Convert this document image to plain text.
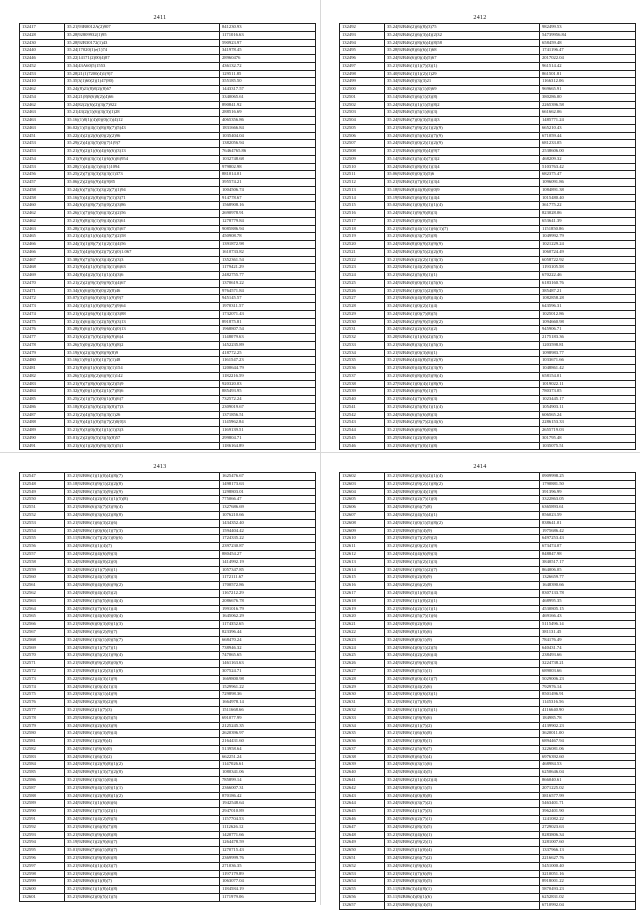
2411
132417	35.21|93B0012A(2)907	841230.93
132428	35.28|92809932(1)95	1171016.63
132430	35.28|92B30172(1)43	590923.97
132440	35.24|17020(1)e(1)74	341978.45
132446	35.22|14171(2)00(4)87	28960476
132452	35.34|43A60(5)1553	436132.72
132453	35.28|21(1)7200(4)1(9)7	129511.85
132410	35.35|3(1)60(2)(1)47(80)	355185.50
132462	35.24|(8)21(8)8(2)(8)67	1443317.57
132454	35.24|21(8)8(6)8(2)(4)66	3340065.61
132462	35.24|82(2)(6)(2)(3)(7)922	890841.92
132463	35.21|43(2)(1)(6)(3)(3)(1)28	288516.69
132463	35.16|(1)8(1)(4)(0)(0)(1)(4)12	4065356.86
132463	36.02|(1)(5)(4)(1)(8)(8)(7)(5)43	1831666.84
132451	35.22|(4)(2)(2)(6)(0)(2)(2)96	1035404.04
132453	35.29|(2)(4)(3)(5)(0)(7)1(9)7	1382056.94
132453	35.21|(9)(2)(1)(6)(4)(6)(6)(3)13	76464765.86
132454	35.21|(9)(6)(3)(1)(1)(6)(6)(6)954	1032748.68
132453	35.28|(1)(4)(4)(1)(6)(1)1094	979802.98
132456	35.25|(2)(7)(3)(3)(3)(3)(1)373	881014.01
132457	35.06|(2)(2)(6)(9)(4)(9)85	395574.21
132458	35.24|(6)(7)(5)(3)(3)(2)(7)(1)94	1004506.74
132458	35.16|(5)(4)(2)(8)(6)(7)(1)(3)71	914778.67
132460	35.24|(6)(3)(8)(7)(5)(0)(2)(3)86	1568908.16
132462	35.26|(1)(7)(6)(5)(6)(3)(2)(2)56	2690978.91
132462	35.21|(9)(8)(3)(1)(9)(4)(4)(3)61	1278779.84
132463	35.28|(3)(3)(4)(6)(0)(3)(5)(5)67	9085886.94
132465	35.21|(4)(3)(1)(6)(4)(5)(7)(2)58	450908.78
132466	35.24|(3)(1)(8)(7)(1)(2)(1)(4)56	1391872.98
132466	35.22|(5)(4)(6)(0)(2)(7)(2)(0)1.067	1610733.82
132467	35.38|(9)(7)(5)(6)(3)(4)(2)(3)3	1352361.54
132468	35.21|(9)(4)(1)(0)(5)(3)(1)(6)63	1179421.29
132469	35.24|(8)(4)(2)(5)(1)(1)(4)(3)6	2482755.77
132470	35.21|(2)(2)(9)(3)(9)(9)(5)(4)67	1370619.22
132471	35.34|(6)(6)(0)(0)(0)(2)(8)46	9764571.84
132472	35.07|(3)(5)(6)(0)(0)(1)(9)(9)7	945145.57
132473	35.24|(3)(3)(1)(0)(8)(6)(7)(9)64	1970311.57
132474	35.21|(6)(2)(6)(9)(1)(4)(1)(3)88	1732071.43
132475	35.21|(4)(6)(4)(1)(2)(5)(9)(3)13	891875.81
132476	35.28|(8)(6)(1)(0)(9)(6)(4)(0)13	1968807.54
132477	35.21|(6)(2)(7)(0)(2)(6)(9)(6)4	1148079.63
132478	35.26|(5)(0)(2)(8)(3)(1)(9)(8)2	1452235.89
132479	35.19|(6)(2)(3)(9)(8)(9)(8)9	418772.25
132480	35.16|(1)(9)(1)(0)(1)(7)(1)48	1161547.23
132481	35.21|(8)(6)(1)(6)(0)(3)(1)154	1200644.79
132482	35.26|(5)(2)(8)(2)(6)(9)(1)142	1182216.59
132483	35.21|(9)(7)(8)(6)(0)(3)(2)(5)9	920320.03
132484	35.32|(9)(0)(1)(8)(2)(1)(7)(8)6	885493.95
132485	35.25|(2)(1)(7)(3)(0)(1)(8)(6)7	732572.24
132486	35.18|(8)(2)(5)(0)(2)(3)(8)(7)3	2309019.67
132487	35.21|(2)(4)(5)(5)(5)(3)(1)26	1371856.51
132488	35.21|(9)(4)(1)(0)(5)(7)(2)0(0)3	1145962.84
132489	35.21|(9)(3)(0)(8)(1)(1)(1)(3)3	1169139.51
132490	35.01|(2)(2)(0)(5)(3)(5)(8)57	299804.71
132491	35.21|(6)(1)(2)(0)(9)(3)(5)(5)1	1186164.89
2412
132492	35.24|92B46(2)(6)(8)(3)75	982499.53
132493	35.24|92B46(2)(6)(3)(4)(2)32	54739956.84
132494	35.24|92B46(2)(8)(6)(4)(8)58	658459.48
132495	35.28|92B46(8)(6)(6)(1)68	1741196.47
132496	35.24|92B46(6)(0)(4)(5)67	2017022.04
132497	35.21|92B46(1)(1)(7)(3)(1)	961514.42
132498	35.40|92B46(1)(1)(2)(1)29	861501.81
132499	35.34|92B46(0)(3)(3)21	1166312.06
132500	35.24|92B46(2)(3)(1)(0)69	969665.91
132501	35.14|92B46(5)(6)(1)(3)(8)	380286.00
132502	35.24|92B46(3)(1)(1)(5)(8)2	2265396.58
132503	35.24|92B46(5)(5)(1)(6)(3)	661662.06
132504	35.24|92B46(7)(0)(3)(5)(4)3	1485771.24
132505	35.21|92B46(7)(9)(2)(1)(2)(9)	665210.43
132506	35.24|92B46(5)(5)(6)(2)(7)(9)	671059.44
132507	35.24|92B46(5)(0)(2)(1)(2)(9)	681233.05
132508	35.21|92B46(6)(8)(0)(4)(9)7	2538606.00
132509	35.14|92B46(3)(5)(4)(7)(3)2	468209.32
132510	35.24|92B46(5)(8)(0)(1)(3)4	5103763.42
132511	35.06|92B46(0)(0)(3)(5)6	682375.47
132512	35.21|92B46(3)(7)(0)(1)(3)4	1096091.86
132513	35.18|92B46(8)(4)(8)(0)(0)9	1084891.38
132514	35.19|92B46(5)(6)(0)(1)(4)4	1015480.40
132515	35.02|92B46(1)(0)(8)(1)(1)(4)	361775.22
132516	35.24|92B46(1)(9)(9)(8)(3)	823028.06
132517	35.21|92B46(5)(0)(0)(5)(5)	653641.39
132518	35.21|92B46(5)(4)(1)(1)(6)(1)(7)	1151850.86
132519	35.21|92B46(6)(3)(7)(5)(8)	1049992.79
132520	35.24|92B46(8)(0)(9)(3)(9)(9)	1021229.24
132521	35.24|92B46(3)(0)(5)(2)(2)(8)	1060724.49
132522	35.21|92B46(6)(2)(2)(1)(3)(3)	6058722.92
132523	35.22|92B46(1)(4)(2)(6)(5)(4)	1193105.58
132524	35.21|92B46(2)(5)(8)(1)(1)	670222.46
132525	35.24|92B46(0)(0)(0)(1)(5)(6)	6183160.76
132526	35.21|92B46(1)(0)(1)(2)(8)(5)	385487.21
132527	35.21|92B46(6)(4)(0)(8)(4)(4)	1082858.28
132528	35.24|92B46(1)(0)(2)(1)(4)	643596.31
132529	35.24|92B46(1)(0)(7)(8)(5)	1025012.86
132530	35.24|92B46(2)(9)(9)(5)(0)(2)	1094660.98
132531	35.24|92B46(2)(2)(6)(3)(2)	945906.71
132532	35.20|92B46(1)(1)(6)(2)(5)(3)	2175183.36
132533	35.21|92B46(8)(3)(3)(1)(5)(3)	1203598.81
132534	35.21|92B46(5)(0)(3)(6)(1)	1098983.77
132535	35.21|92B46(4)(4)(8)(5)(2)(9)	1033671.66
132536	35.21|92B46(0)(4)(8)(2)(3)(9)	1048861.42
132537	35.21|92B46(0)(8)(0)(5)(9)(4)	658154.01
132538	35.27|92B46(1)(0)(4)(1)(8)(9)	1019022.11
132539	35.21|92B46(6)(6)(9)(1)(7)	780373.05
132540	35.21|92B46(4)(7)(6)(9)(3)	1023445.17
132541	35.21|92B46(2)(5)(8)(1)(1)(4)	1054903.11
132542	35.24|92B46(6)(5)(6)(8)(3)	606565.24
132543	35.21|92B46(2)(9)(7)(2)(4)(6)	2286153.33
132544	35.21|92B46(6)(6)(9)(0)(8)	2655719.03
132545	35.25|92B46(1)(2)(0)(6)(0)	301795.48
132546	35.21|92B46(9)(7)(0)(1)(8)	1035075.51
2413
132547	35.21|92B06(1)(1)(0)(4)(8)(7)	1625476.67
132548	35.18|92B06(3)(9)(1)(2)(2)(8)	1498173.63
132549	35.24|92B06(1)(5)(3)(9)(2)(9)	1298803.01
132550	35.21|92B06(4)(2)(0)(1)(1)(5)(8)	775066.47
132551	35.21|92B06(6)(3)(7)(3)(9)(4)	1327686.69
132552	35.24|92B06(0)(3)(6)(2)(8)(8)	1076210.66
132553	35.21|92B06(1)(6)(3)(2)(6)	1434352.40
132554	35.24|92B06(1)(0)(6)(1)(7)(3)	1594404.42
132555	35.11|92B06(1)(7)(2)(1)(0)(6)	1724335.22
132556	35.24|92B06(3)(1)(4)(7)	2397230.87
132557	35.24|92B06(2)(4)(6)(9)(3)	880454.27
132558	35.24|92B06(8)(4)(0)(2)(0)	1414992.19
132559	35.24|92B06(2)(1)(7)(6)(1)	1057347.85
132560	35.24|92B06(2)(4)(1)(8)(3)	1172111.67
132561	35.24|92B06(0)(4)(0)(6)(9)(2)	1700572.86
132562	35.24|92B06(0)(4)(4)(5)(2)	1167212.29
132563	35.24|92B06(1)(5)(5)(6)(4)(4)	2086676.78
132564	35.24|92B06(3)(7)(6)(1)(4)	1991016.79
132565	35.24|92B06(1)(4)(6)(0)(0)(4)	1645062.29
132566	35.21|92B06(6)(0)(3)(0)(1)(3)	1174352.65
132567	35.24|92B06(1)(6)(2)(9)(7)	823396.44
132568	35.24|92B06(1)(3)(1)(0)(5)(7)	668470.24
132569	35.24|92B06(5)(1)(7)(7)(1)	738946.32
132570	35.21|92B06(3)(5)(2)(1)(9)(4)	747065.65
132571	35.21|92B06(8)(9)(2)(8)(0)(9)	1461163.63
132572	35.21|92B06(8)(1)(2)(3)(1)(8)	307524.71
132573	35.22|92B06(2)(4)(3)(1)(9)	1669800.98
132574	35.24|92B06(1)(0)(4)(1)(3)	1529961.22
132575	35.23|92B06(1)(3)(1)(4)(9)	729898.36
132576	35.24|92B06(2)(3)(0)(2)(9)	1664978.14
132577	35.21|92B06(2)(1)(7)(3)	1511668.66
132578	35.25|92B06(2)(0)(4)(5)(5)	691077.99
132579	35.24|92B06(3)(2)(6)(3)(9)	2125245.35
132580	35.24|92B06(1)(6)(3)(9)(4)	2620396.97
132581	35.21|92B06(1)(2)(9)(4)	2164431.60
132582	35.24|92B06(1)(9)(6)(0)	513958.64
132583	35.24|92B06(1)(6)(3)(2)	662251.24
132584	35.24|92B06(1)(2)(9)(8)(1)(2)	1147026.61
132585	35.24|92B06(9)(1)(3)(7)(2)(8)	1080341.06
132586	35.21|92B06(1)(3)(1)(0)(4)	785899.14
132587	35.21|92B06(9)(4)(1)(0)(1)(1)	2366007.31
132588	35.24|92B06(1)(2)(9)(8)(1)(2)	870186.42
132589	35.24|92B06(1)(1)(6)(6)(6)	1942548.64
132590	35.24|92B06(1)(7)(1)(2)(1)	2947010.89
132591	35.24|92B06(1)(4)(2)(9)(5)	1157704.53
132592	35.21|92B06(1)(6)(0)(7)(8)	1112626.12
132593	35.21|92B06(5)(9)(6)(8)(8)	1420771.66
132594	35.19|92B06(1)(2)(9)(6)(7)	1264478.59
132595	35.01|92B06(7)(6)(1)(8)(7)	1270715.43
132596	35.21|92B06(3)(9)(0)(6)(8)	2369999.76
132597	35.21|92B06(4)(1)(4)(3)(7)	271036.35
132598	35.21|92B06(1)(6)(2)(6)(8)	1197179.89
132599	35.24|92B06(6)(1)(8)(7)	1063077.04
132600	35.21|92B06(1)(1)(8)(4)(8)	1184584.19
132601	35.21|92B06(2)(0)(5)(1)(5)	1171979.06
2414
132602	35.21|92B06(2)(0)(6)(2)(1)(4)	0909998.25
132603	35.21|92B06(2)(9)(2)(1)(8)(2)	1790881.50
132604	35.24|92B06(0)(0)(4)(1)(9)	391396.99
132605	35.21|92B06(3)(2)(7)(1)(0)	3322863.05
132606	35.24|92B06(3)(6)(7)(8)	6365893.61
132607	35.24|92B06(2)(4)(5)(4)(1)	856023.59
132608	35.24|92B06(1)(0)(1)(5)(8)(2)	838641.01
132609	35.21|92B06(0)(5)(4)(9)	1975686.42
132610	35.21|92B06(5)(7)(2)(9)(2)	6497253.43
132611	35.21|92B06(2)(0)(2)(1)(9)	673474.07
132612	35.24|92B06(4)(4)(6)(9)(3)	848847.98
132613	35.21|92B06(1)(5)(2)(1)(3)	3840517.17
132614	35.24|92B06(1)(8)(1)(2)(7)	864006.05
132615	35.21|92B06(0)(2)(0)(9)	1326659.77
132616	35.24|92B06(2)(6)(2)(9)	1648390.66
132617	35.24|92B06(5)(1)(0)(5)(4)	8307133.78
132618	35.21|92B06(1)(1)(0)(2)(1)	468995.35
132619	35.21|92B06(4)(2)(1)(1)(1)	4530805.15
132620	35.24|92B06(2)(5)(7)(1)(6)	469166.43
132621	35.24|92B06(0)(2)(0)(6)	5115496.14
132622	35.24|92B06(8)(1)(0)(6)	381131.45
132623	35.24|92B06(8)(0)(1)(9)	784176.49
132624	35.24|92B06(4)(0)(1)(2)(5)	640431.74
132625	35.24|92B06(4)(2)(2)(6)(4)	238493.66
132626	35.24|92B06(2)(9)(6)(9)(3)	3224738.21
132627	35.24|92B06(8)(5)(1)(1)	689003.66
132628	35.24|92B06(8)(0)(4)(1)(7)	5029006.23
132629	35.24|92B06(3)(4)(2)(6)	792976.14
132630	35.24|92B06(1)(0)(6)(3)(1)	8501496.91
132631	35.21|92B06(1)(7)(8)(9)	1145316.56
132632	35.24|92B06(1)(1)(3)(5)(1)	4116640.90
132633	35.24|92B06(1)(9)(9)(6)	184985.78
132634	35.24|92B06(2)(1)(7)(2)	4139902.23
132635	35.21|92B06(1)(6)(6)(8)	3620011.00
132636	35.24|92B06(1)(0)(8)(1)	6894467.94
132637	35.24|92B06(2)(5)(9)(7)	3226081.06
132638	35.21|92B06(8)(6)(5)(4)	6976392.60
132639	35.24|92B06(6)(3)(1)(6)	468984.53
132640	35.24|92B06(6)(4)(4)(5)	6250646.04
132641	35.24|92B06(2)(1)(4)(2)(4)	866040.61
132642	35.24|92B06(8)(0)(1)(5)	2071225.02
132643	35.24|92B06(4)(0)(8)(8)	3816577.99
132644	35.24|92B06(6)(3)(7)(2)	5463401.71
132645	35.21|92B06(4)(1)(7)(3)	3962401.90
132646	35.24|92B06(6)(2)(7)(1)	1241082.22
132647	35.24|92B06(2)(8)(3)(5)	2729023.63
132648	35.21|92B06(3)(4)(6)(1)	8283806.34
132649	35.24|92B06(2)(9)(2)(1)	3281007.60
132650	35.21|92B06(5)(1)(0)(4)	1337966.13
132651	35.24|92B06(2)(6)(7)(2)	2216627.76
132652	35.24|92B06(1)(9)(6)(3)	5451000.40
132653	35.21|92B06(1)(7)(6)(9)	3210051.16
132654	35.21|92B06(8)(3)(0)(5)	8918001.22
132655	35.11|92B06(3)(4)(8)(1)	5870493.23
132656	35.11|92B06(4)(0)(1)(6)	6252831.02
132657	35.21|92B06(0)(3)(4)(5)	6710992.04
